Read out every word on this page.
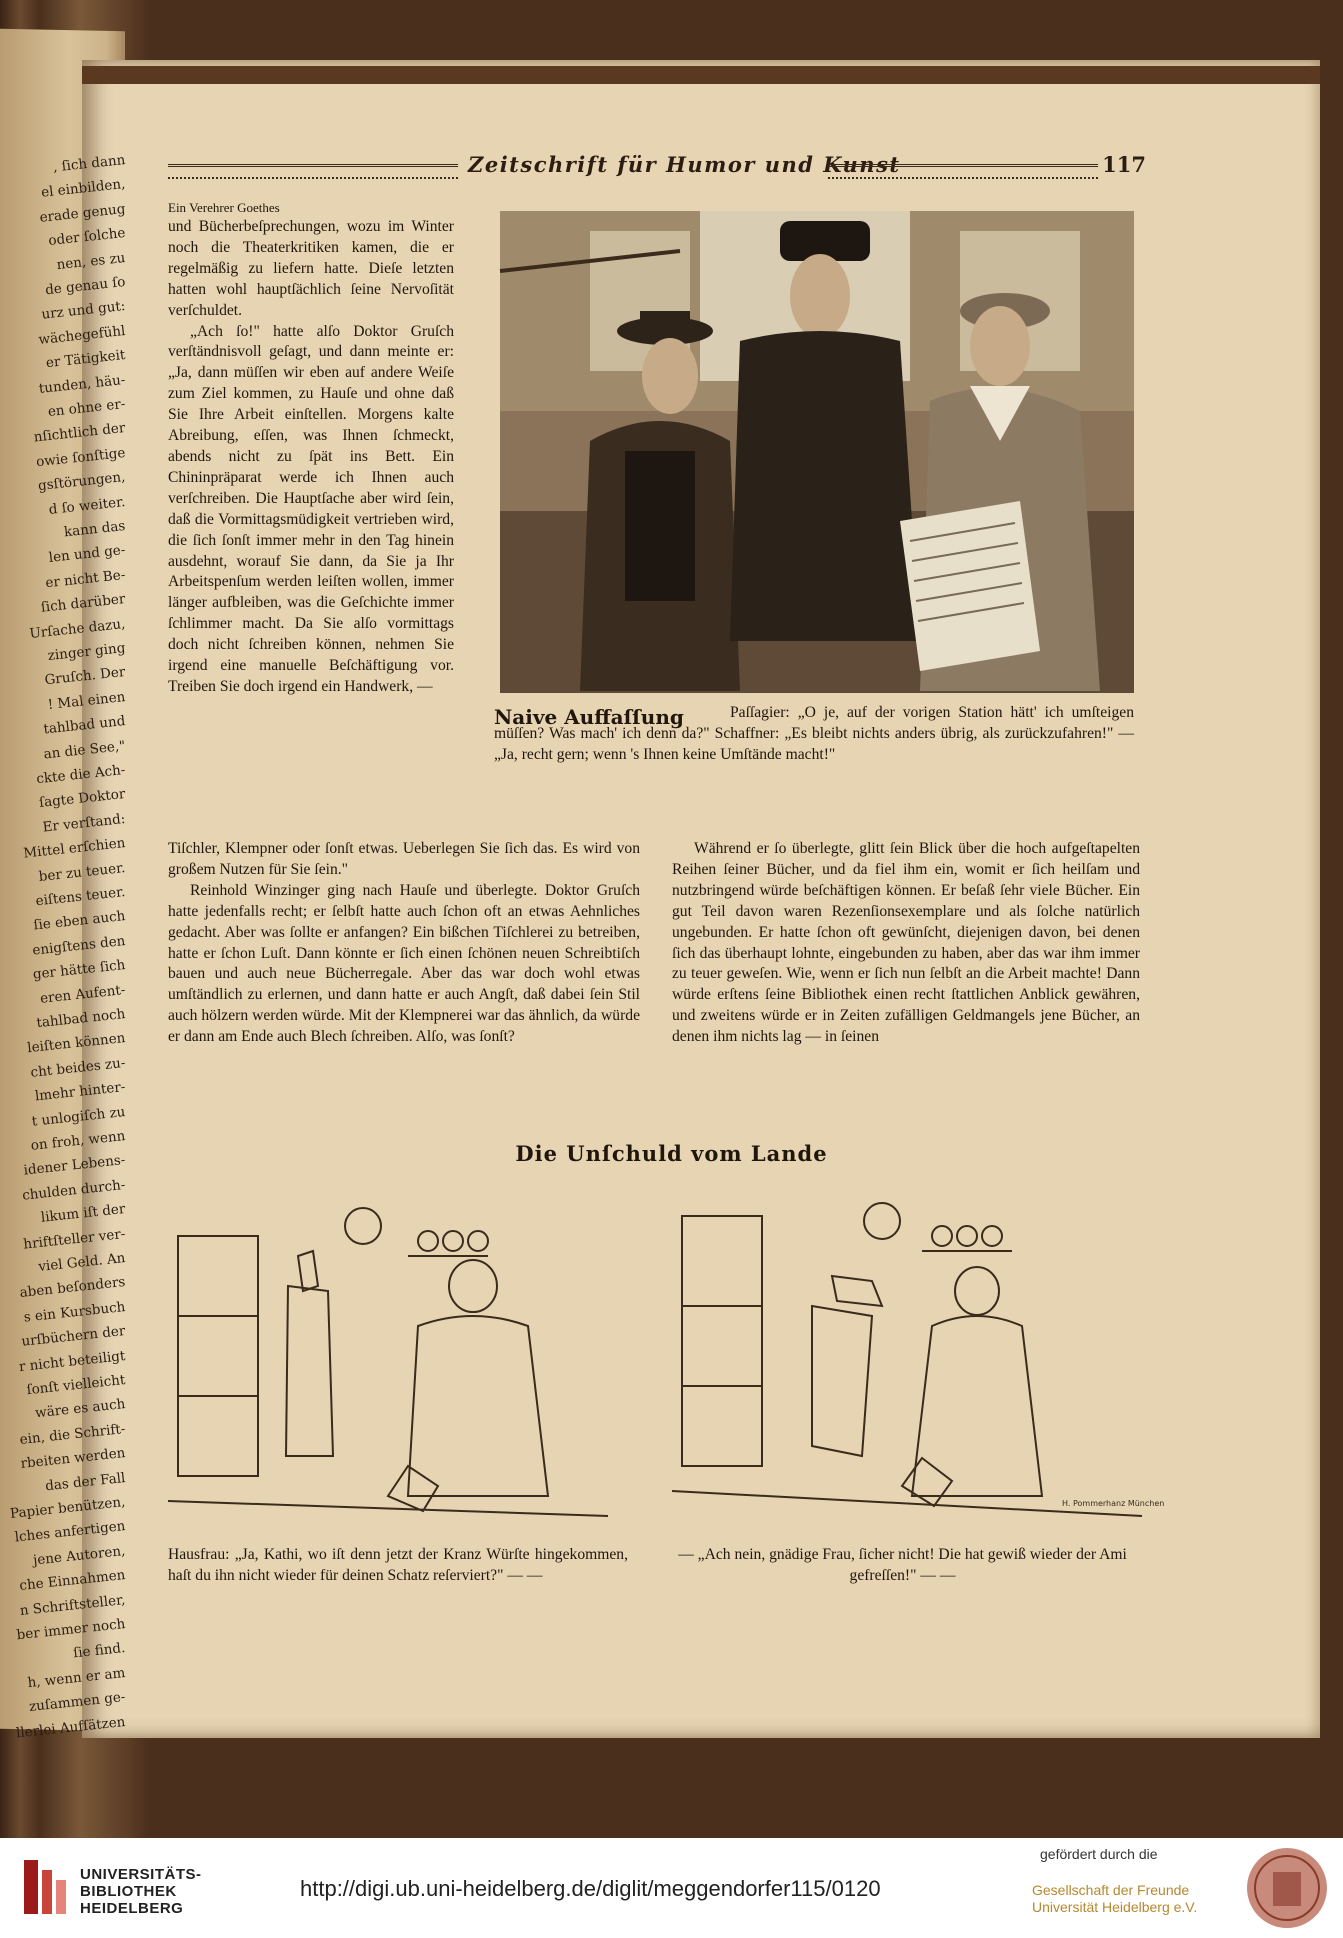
Zeitschrift für Humor und Kunst	117
Ein Verehrer Goethes
und Bücherbeſprechungen, wozu im Winter noch die Theaterkritiken kamen, die er regelmäßig zu liefern hatte. Dieſe letzten hatten wohl hauptſächlich ſeine Nervoſität verſchuldet.

„Ach ſo!" hatte alſo Doktor Gruſch verſtändnisvoll geſagt, und dann meinte er: „Ja, dann müſſen wir eben auf andere Weiſe zum Ziel kommen, zu Hauſe und ohne daß Sie Ihre Arbeit einſtellen. Morgens kalte Abreibung, eſſen, was Ihnen ſchmeckt, abends nicht zu ſpät ins Bett. Ein Chininpräparat werde ich Ihnen auch verſchreiben. Die Hauptſache aber wird ſein, daß die Vormittagsmüdigkeit vertrieben wird, die ſich ſonſt immer mehr in den Tag hinein ausdehnt, worauf Sie dann, da Sie ja Ihr Arbeitspenſum werden leiſten wollen, immer länger aufbleiben, was die Geſchichte immer ſchlimmer macht. Da Sie alſo vormittags doch nicht ſchreiben können, nehmen Sie irgend eine manuelle Beſchäftigung vor. Treiben Sie doch irgend ein Handwerk, —

Naive Auffaſſung	Paſſagier: „O je, auf der vorigen Station hätt' ich umſteigen müſſen? Was mach' ich denn da?" Schaffner: „Es bleibt nichts anders übrig, als zurückzufahren!" — „Ja, recht gern; wenn 's Ihnen keine Umſtände macht!"
Tiſchler, Klempner oder ſonſt etwas. Ueberlegen Sie ſich das. Es wird von großem Nutzen für Sie ſein."

Reinhold Winzinger ging nach Hauſe und überlegte. Doktor Gruſch hatte jedenfalls recht; er ſelbſt hatte auch ſchon oft an etwas Aehnliches gedacht. Aber was ſollte er anfangen? Ein bißchen Tiſchlerei zu betreiben, hatte er ſchon Luſt. Dann könnte er ſich einen ſchönen neuen Schreibtiſch bauen und auch neue Bücherregale. Aber das war doch wohl etwas umſtändlich zu erlernen, und dann hatte er auch Angſt, daß dabei ſein Stil auch hölzern werden würde. Mit der Klempnerei war das ähnlich, da würde er dann am Ende auch Blech ſchreiben. Alſo, was ſonſt?

Während er ſo überlegte, glitt ſein Blick über die hoch aufgeſtapelten Reihen ſeiner Bücher, und da fiel ihm ein, womit er ſich heilſam und nutzbringend würde beſchäftigen können. Er beſaß ſehr viele Bücher. Ein gut Teil davon waren Rezenſionsexemplare und als ſolche natürlich ungebunden. Er hatte ſchon oft gewünſcht, diejenigen davon, bei denen ſich das überhaupt lohnte, eingebunden zu haben, aber das war ihm immer zu teuer geweſen. Wie, wenn er ſich nun ſelbſt an die Arbeit machte! Dann würde erſtens ſeine Bibliothek einen recht ſtattlichen Anblick gewähren, und zweitens würde er in Zeiten zufälligen Geldmangels jene Bücher, an denen ihm nichts lag — in ſeinen

Die Unſchuld vom Lande
H. Pommerhanz München
Hausfrau: „Ja, Kathi, wo iſt denn jetzt der Kranz Würſte hingekommen, haſt du ihn nicht wieder für deinen Schatz reſerviert?" — —
— „Ach nein, gnädige Frau, ſicher nicht! Die hat gewiß wieder der Ami gefreſſen!" — —
, ſich dann
el einbilden,
erade genug
oder ſolche
nen, es zu
de genau ſo
urz und gut:
wächegefühl
er Tätigkeit
tunden, häu-
en ohne er-
nſichtlich der
owie ſonſtige
gsſtörungen,
d ſo weiter.
kann das
len und ge-
er nicht Be-
ſich darüber
Urſache dazu,
zinger ging
Gruſch. Der
! Mal einen
tahlbad und
an die See,"
ckte die Ach-
ſagte Doktor
Er verſtand:
Mittel erſchien
ber zu teuer.
eiſtens teuer.
ſie eben auch
enigſtens den
ger hätte ſich
eren Aufent-
tahlbad noch
leiſten können
cht beides zu-
lmehr hinter-
t unlogiſch zu
on froh, wenn
idener Lebens-
chulden durch-
likum iſt der
hriftſteller ver-
viel Geld. An
aben beſonders
s ein Kursbuch
urſbüchern der
r nicht beteiligt
ſonſt vielleicht
wäre es auch
ein, die Schrift-
rbeiten werden
das der Fall
Papier benützen,
lches anfertigen
jene Autoren,
che Einnahmen
n Schriftsteller,
ber immer noch
ſie find.
h, wenn er am
zuſammen ge-
llerlei Aufſätzen
UNIVERSITÄTS-
BIBLIOTHEK
HEIDELBERG
http://digi.ub.uni-heidelberg.de/diglit/meggendorfer115/0120
gefördert durch die
Gesellschaft der Freunde
Universität Heidelberg e.V.
